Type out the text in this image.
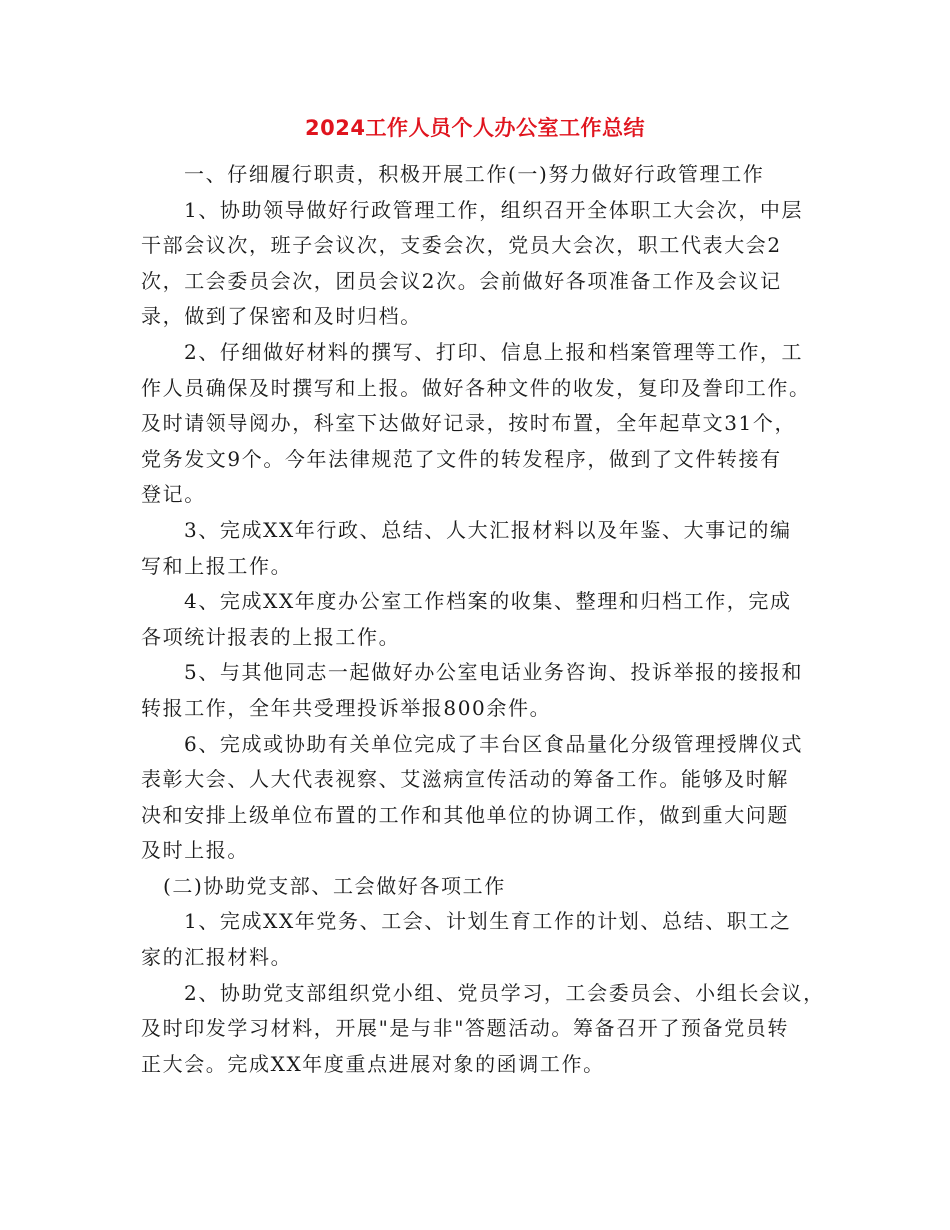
2024工作人员个人办公室工作总结
一、仔细履行职责，积极开展工作(一)努力做好行政管理工作
1、协助领导做好行政管理工作，组织召开全体职工大会次，中层
干部会议次，班子会议次，支委会次，党员大会次，职工代表大会2
次，工会委员会次，团员会议2次。会前做好各项准备工作及会议记
录，做到了保密和及时归档。
2、仔细做好材料的撰写、打印、信息上报和档案管理等工作，工
作人员确保及时撰写和上报。做好各种文件的收发，复印及誊印工作。
及时请领导阅办，科室下达做好记录，按时布置，全年起草文31个，
党务发文9个。今年法律规范了文件的转发程序，做到了文件转接有
登记。
3、完成XX年行政、总结、人大汇报材料以及年鉴、大事记的编
写和上报工作。
4、完成XX年度办公室工作档案的收集、整理和归档工作，完成
各项统计报表的上报工作。
5、与其他同志一起做好办公室电话业务咨询、投诉举报的接报和
转报工作，全年共受理投诉举报800余件。
6、完成或协助有关单位完成了丰台区食品量化分级管理授牌仪式
表彰大会、人大代表视察、艾滋病宣传活动的筹备工作。能够及时解
决和安排上级单位布置的工作和其他单位的协调工作，做到重大问题
及时上报。
(二)协助党支部、工会做好各项工作
1、完成XX年党务、工会、计划生育工作的计划、总结、职工之
家的汇报材料。
2、协助党支部组织党小组、党员学习，工会委员会、小组长会议，
及时印发学习材料，开展"是与非"答题活动。筹备召开了预备党员转
正大会。完成XX年度重点进展对象的函调工作。
